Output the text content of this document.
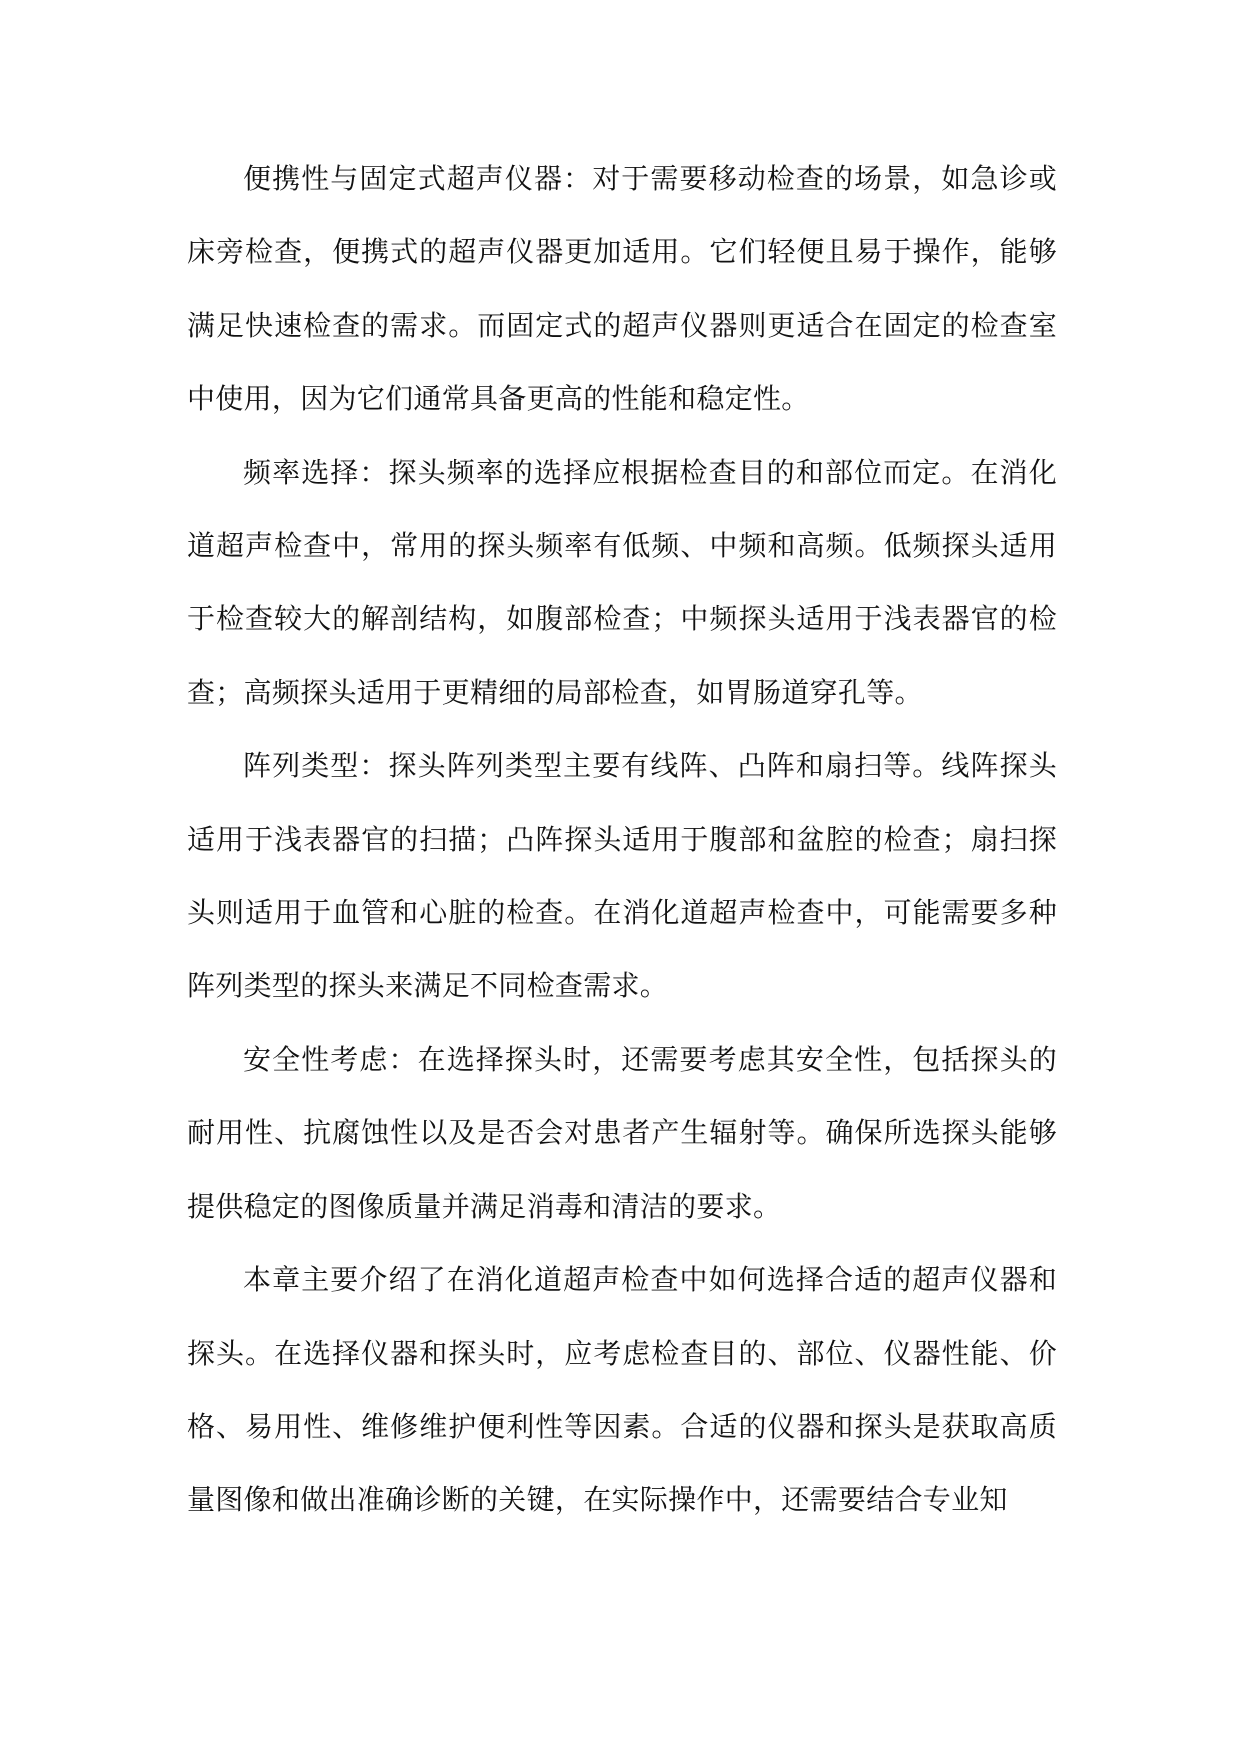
便携性与固定式超声仪器：对于需要移动检查的场景，如急诊或床旁检查，便携式的超声仪器更加适用。它们轻便且易于操作，能够满足快速检查的需求。而固定式的超声仪器则更适合在固定的检查室中使用，因为它们通常具备更高的性能和稳定性。

频率选择：探头频率的选择应根据检查目的和部位而定。在消化道超声检查中，常用的探头频率有低频、中频和高频。低频探头适用于检查较大的解剖结构，如腹部检查；中频探头适用于浅表器官的检查；高频探头适用于更精细的局部检查，如胃肠道穿孔等。

阵列类型：探头阵列类型主要有线阵、凸阵和扇扫等。线阵探头适用于浅表器官的扫描；凸阵探头适用于腹部和盆腔的检查；扇扫探头则适用于血管和心脏的检查。在消化道超声检查中，可能需要多种阵列类型的探头来满足不同检查需求。

安全性考虑：在选择探头时，还需要考虑其安全性，包括探头的耐用性、抗腐蚀性以及是否会对患者产生辐射等。确保所选探头能够提供稳定的图像质量并满足消毒和清洁的要求。

本章主要介绍了在消化道超声检查中如何选择合适的超声仪器和探头。在选择仪器和探头时，应考虑检查目的、部位、仪器性能、价格、易用性、维修维护便利性等因素。合适的仪器和探头是获取高质量图像和做出准确诊断的关键，在实际操作中，还需要结合专业知
